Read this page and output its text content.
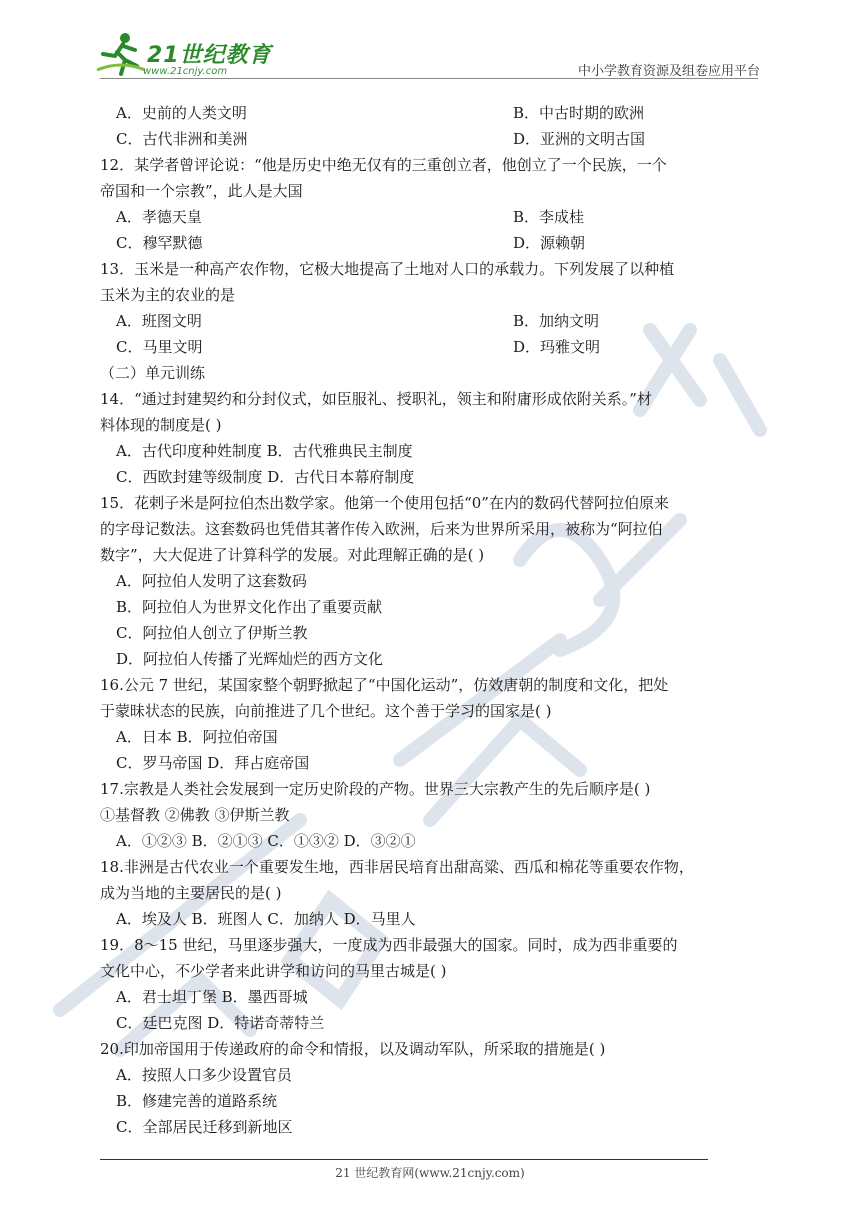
21世纪教育
www.21cnjy.com	中小学教育资源及组卷应用平台
A．史前的人类文明	B．中古时期的欧洲
C．古代非洲和美洲	D．亚洲的文明古国
12．某学者曾评论说：“他是历史中绝无仅有的三重创立者，他创立了一个民族，一个
帝国和一个宗教”，此人是大国
A．孝德天皇	B．李成桂
C．穆罕默德	D．源赖朝
13．玉米是一种高产农作物，它极大地提高了土地对人口的承载力。下列发展了以种植
玉米为主的农业的是
A．班图文明	B．加纳文明
C．马里文明	D．玛雅文明
（二）单元训练
14．“通过封建契约和分封仪式，如臣服礼、授职礼，领主和附庸形成依附关系。”材
料体现的制度是( )
A．古代印度种姓制度 B．古代雅典民主制度
C．西欧封建等级制度 D．古代日本幕府制度
15．花剌子米是阿拉伯杰出数学家。他第一个使用包括“0”在内的数码代替阿拉伯原来
的字母记数法。这套数码也凭借其著作传入欧洲，后来为世界所采用，被称为“阿拉伯
数字”，大大促进了计算科学的发展。对此理解正确的是( )
A．阿拉伯人发明了这套数码
B．阿拉伯人为世界文化作出了重要贡献
C．阿拉伯人创立了伊斯兰教
D．阿拉伯人传播了光辉灿烂的西方文化
16.公元 7 世纪，某国家整个朝野掀起了“中国化运动”，仿效唐朝的制度和文化，把处
于蒙昧状态的民族，向前推进了几个世纪。这个善于学习的国家是( )
A．日本 B．阿拉伯帝国
C．罗马帝国 D．拜占庭帝国
17.宗教是人类社会发展到一定历史阶段的产物。世界三大宗教产生的先后顺序是( )
①基督教 ②佛教 ③伊斯兰教
A．①②③ B．②①③ C．①③② D．③②①
18.非洲是古代农业一个重要发生地，西非居民培育出甜高粱、西瓜和棉花等重要农作物，
成为当地的主要居民的是( )
A．埃及人 B．班图人 C．加纳人 D．马里人
19．8～15 世纪，马里逐步强大，一度成为西非最强大的国家。同时，成为西非重要的
文化中心，不少学者来此讲学和访问的马里古城是( )
A．君士坦丁堡 B．墨西哥城
C．廷巴克图 D．特诺奇蒂特兰
20.印加帝国用于传递政府的命令和情报，以及调动军队，所采取的措施是( )
A．按照人口多少设置官员
B．修建完善的道路系统
C．全部居民迁移到新地区
21 世纪教育网(www.21cnjy.com)
